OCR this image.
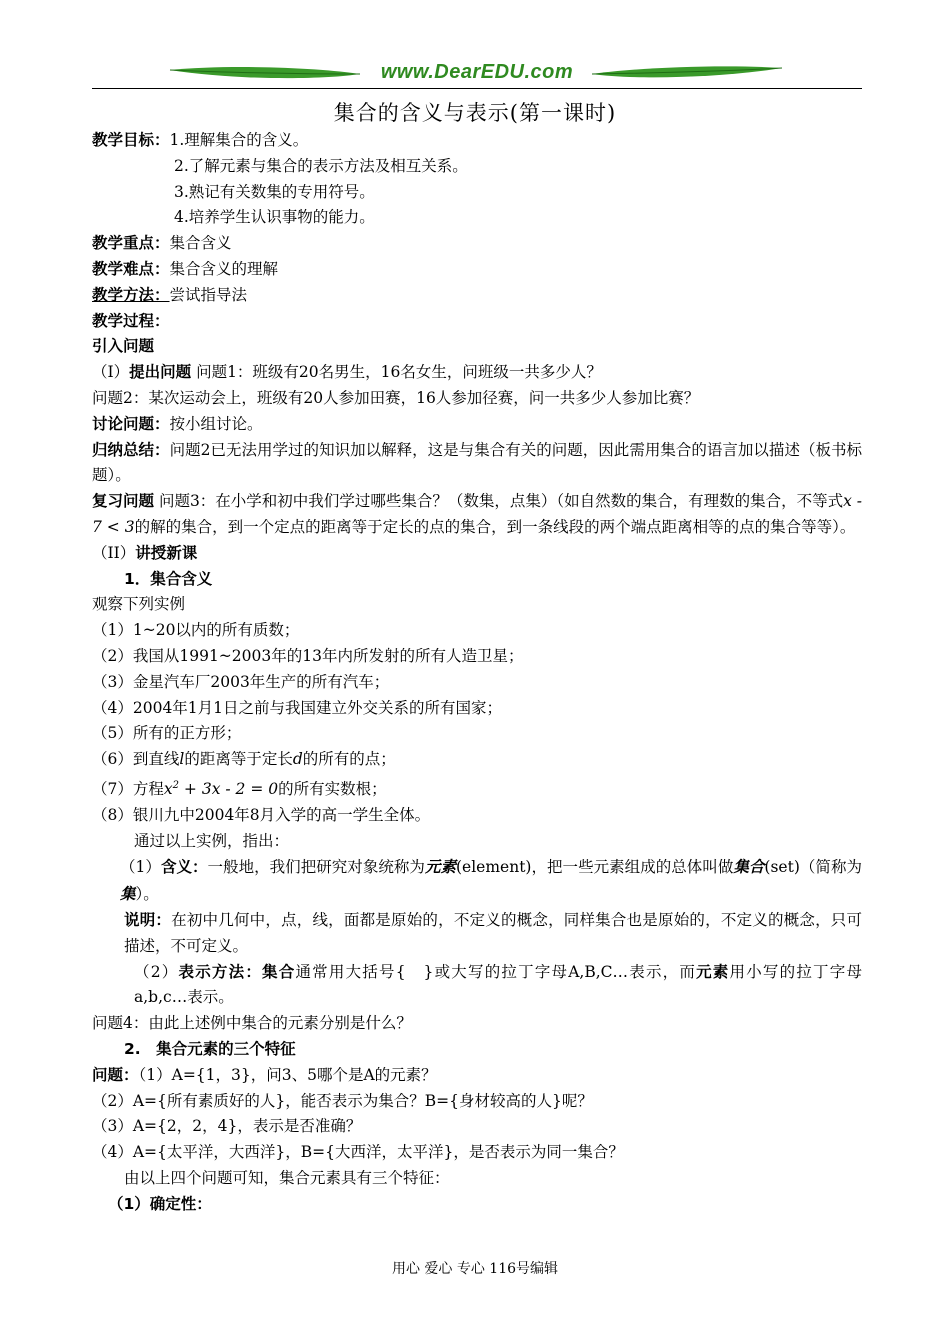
www.DearEDU.com
集合的含义与表示(第一课时)
教学目标：1.理解集合的含义。
2.了解元素与集合的表示方法及相互关系。
3.熟记有关数集的专用符号。
4.培养学生认识事物的能力。
教学重点：集合含义
教学难点：集合含义的理解
教学方法：尝试指导法
教学过程：
引入问题
（I）提出问题 问题1：班级有20名男生，16名女生，问班级一共多少人？
问题2：某次运动会上，班级有20人参加田赛，16人参加径赛，问一共多少人参加比赛？
讨论问题：按小组讨论。
归纳总结：问题2已无法用学过的知识加以解释，这是与集合有关的问题，因此需用集合的语言加以描述（板书标题）。
复习问题 问题3：在小学和初中我们学过哪些集合？（数集，点集）（如自然数的集合，有理数的集合，不等式x - 7 < 3的解的集合，到一个定点的距离等于定长的点的集合，到一条线段的两个端点距离相等的点的集合等等）。
（II）讲授新课
1．集合含义
观察下列实例
（1）1~20以内的所有质数；
（2）我国从1991~2003年的13年内所发射的所有人造卫星；
（3）金星汽车厂2003年生产的所有汽车；
（4）2004年1月1日之前与我国建立外交关系的所有国家；
（5）所有的正方形；
（6）到直线l的距离等于定长d的所有的点；
（7）方程$x^2 + 3x - 2 = 0$的所有实数根；
（8）银川九中2004年8月入学的高一学生全体。
通过以上实例，指出：
（1）含义：一般地，我们把研究对象统称为元素(element)，把一些元素组成的总体叫做集合(set)（简称为集）。
说明：在初中几何中，点，线，面都是原始的，不定义的概念，同样集合也是原始的，不定义的概念，只可描述，不可定义。
（2）表示方法：集合通常用大括号{　}或大写的拉丁字母A,B,C…表示，而元素用小写的拉丁字母a,b,c…表示。
问题4：由此上述例中集合的元素分别是什么？
2.　集合元素的三个特征
问题：（1）A={1，3}，问3、5哪个是A的元素？
（2）A={所有素质好的人}，能否表示为集合？B={身材较高的人}呢？
（3）A={2，2，4}，表示是否准确？
（4）A={太平洋，大西洋}，B={大西洋，太平洋}，是否表示为同一集合？
由以上四个问题可知，集合元素具有三个特征：
（1）确定性：
用心 爱心 专心 116号编辑
